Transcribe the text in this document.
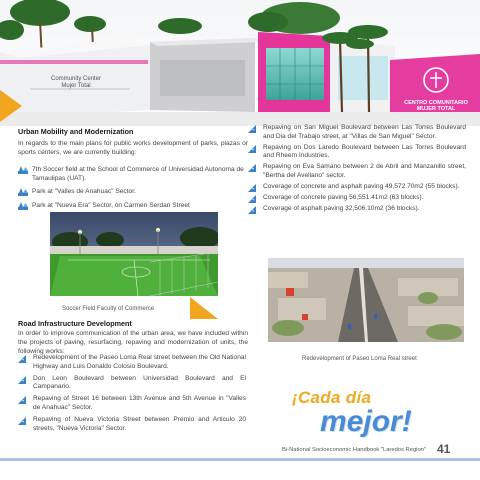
Community Center
Mujer Total
CENTRO COMUNITARIO
MUJER TOTAL
Urban Mobility and Modernization
In regards to the main plans for public works development of parks, plazas or sports centers, we are currently building:
7th Soccer field at the School of Commerce of Universidad Autonoma de Tamaulipas (UAT).
Park at "Valles de Anahuac" Sector.
Park at "Nueva Era" Sector, on Carmen Serdan Street
Soccer Field Faculty of Commerce
Road Infrastructure Development
In order to improve communication of the urban area, we have included within the projects of paving, resurfacing, repaving and modernization of units, the following works:
Redevelopment of the Paseo Loma Real street between the Old National Highway and Luis Donaldo Colosio Boulevard.
Don Leon Boulevard between Universidad Boulevard and El Campanario.
Repaving of Street 16 between 13th Avenue and 5th Avenue in "Valles de Anahuac" Sector.
Repaving of Nueva Victoria Street between Premio and Articulo 20 streets, "Nueva Victoria" Sector.
Repaving on San Miguel Boulevard between Las Torres Boulevard and Dia del Trabajo street, at "Villas de San Miguel" Sector.
Repaving on Dos Laredo Boulevard between Las Torres Boulevard and Rheem Industries.
Repaving on Eva Samano between 2 de Abril and Manzanillo street, "Bertha del Avellano" sector.
Coverage of concrete and asphalt paving 49,572.70m2 (55 blocks).
Coverage of concrete paving 56,551.41m2 (63 blocks).
Coverage of asphalt paving 32,506.10m2 (36 blocks).
Redevelopment of Paseo Loma Real street
¡Cada día
mejor!
Bi-National Socioeconomic Handbook "Laredos Region" 41
